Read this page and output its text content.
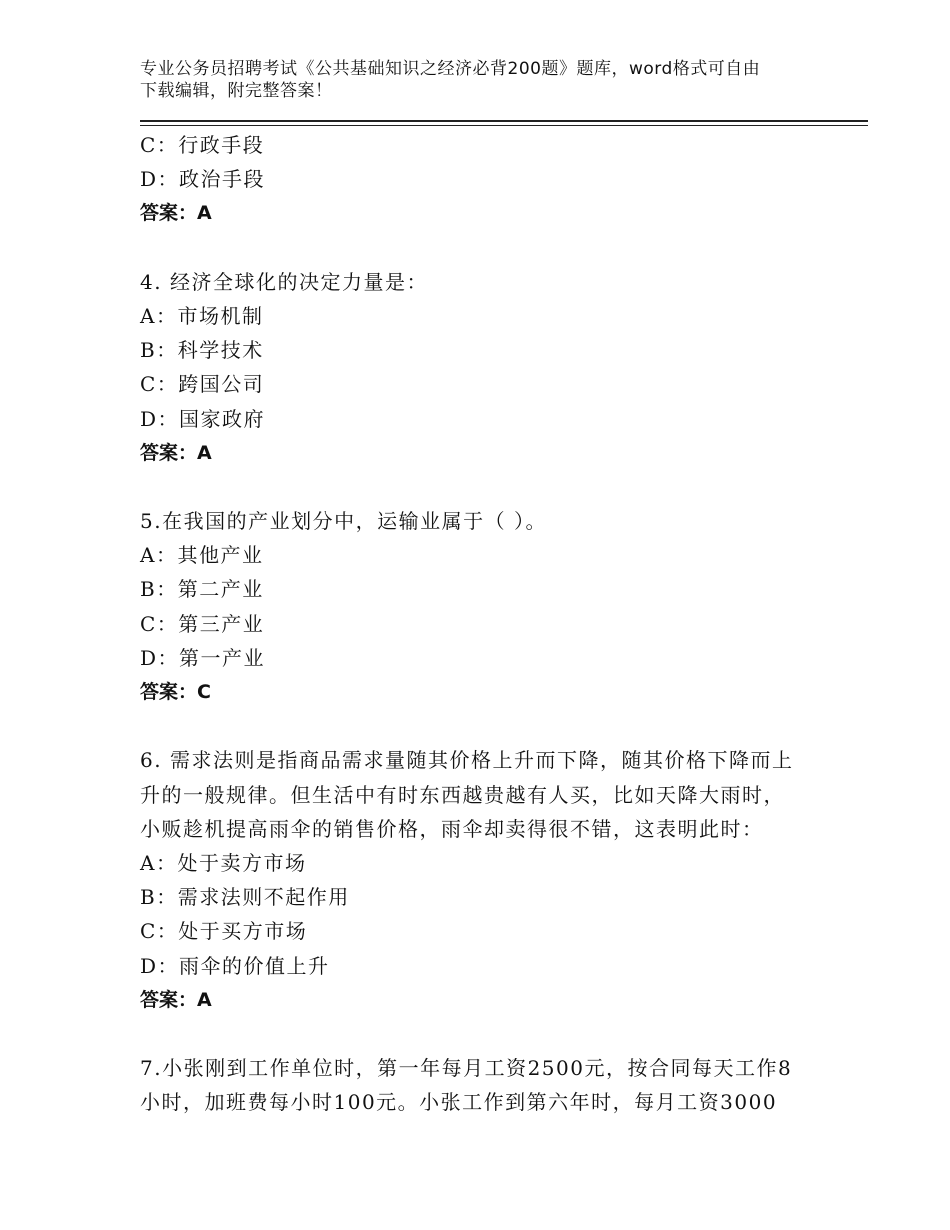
专业公务员招聘考试《公共基础知识之经济必背200题》题库，word格式可自由
下载编辑，附完整答案！
C：行政手段
D：政治手段
答案：A
4. 经济全球化的决定力量是：
A：市场机制
B：科学技术
C：跨国公司
D：国家政府
答案：A
5.在我国的产业划分中，运输业属于（ ）。
A：其他产业
B：第二产业
C：第三产业
D：第一产业
答案：C
6. 需求法则是指商品需求量随其价格上升而下降，随其价格下降而上
升的一般规律。但生活中有时东西越贵越有人买，比如天降大雨时，
小贩趁机提高雨伞的销售价格，雨伞却卖得很不错，这表明此时：
A：处于卖方市场
B：需求法则不起作用
C：处于买方市场
D：雨伞的价值上升
答案：A
7.小张刚到工作单位时，第一年每月工资2500元，按合同每天工作8
小时，加班费每小时100元。小张工作到第六年时，每月工资3000
